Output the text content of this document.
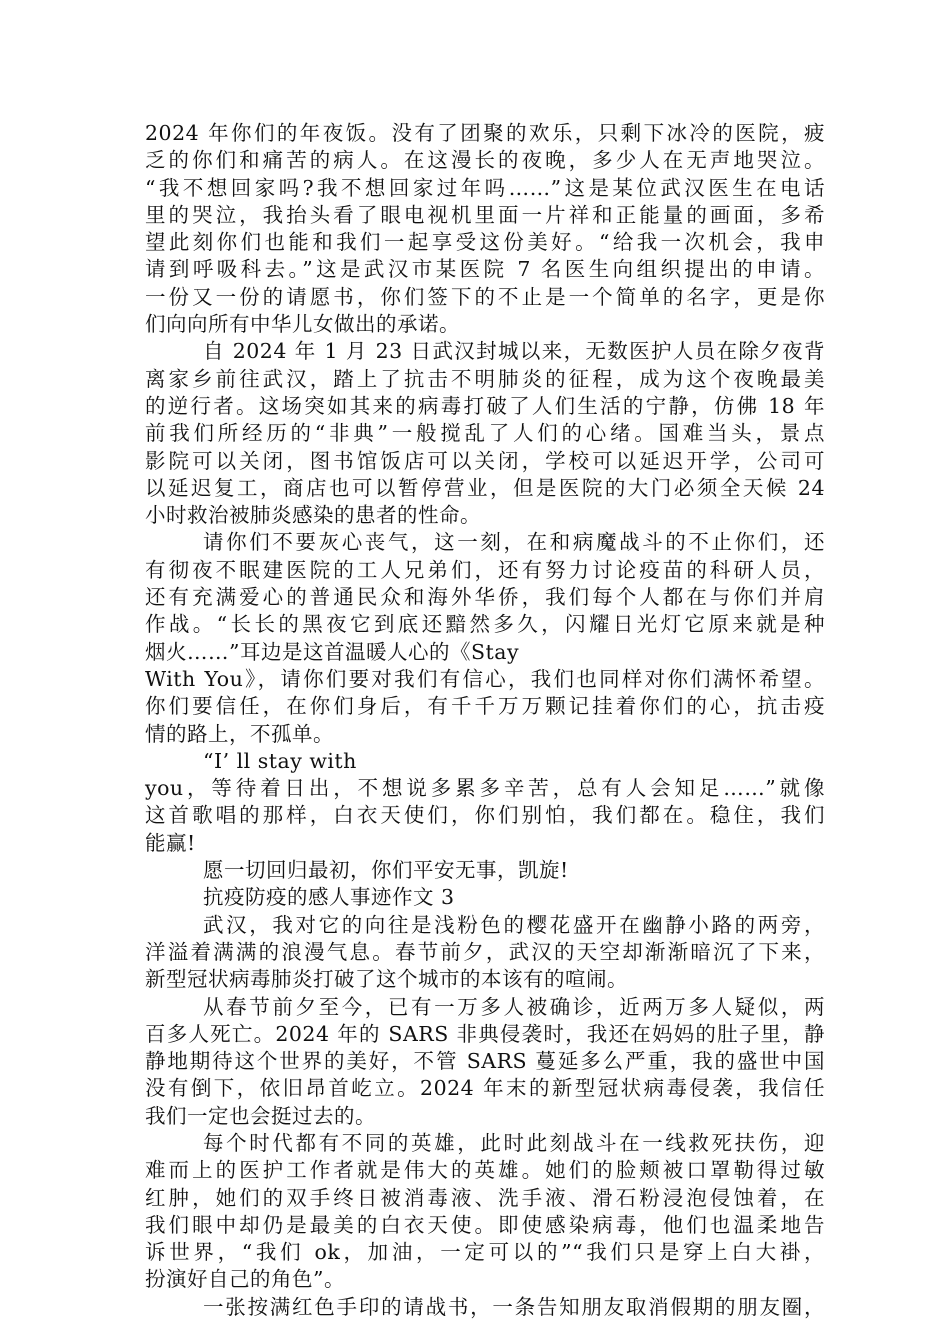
2024 年你们的年夜饭。没有了团聚的欢乐，只剩下冰冷的医院，疲
乏的你们和痛苦的病人。在这漫长的夜晚，多少人在无声地哭泣。
“我不想回家吗?我不想回家过年吗……”这是某位武汉医生在电话
里的哭泣，我抬头看了眼电视机里面一片祥和正能量的画面，多希
望此刻你们也能和我们一起享受这份美好。“给我一次机会，我申
请到呼吸科去。”这是武汉市某医院 7 名医生向组织提出的申请。
一份又一份的请愿书，你们签下的不止是一个简单的名字，更是你
们向向所有中华儿女做出的承诺。
自 2024 年 1 月 23 日武汉封城以来，无数医护人员在除夕夜背
离家乡前往武汉，踏上了抗击不明肺炎的征程，成为这个夜晚最美
的逆行者。这场突如其来的病毒打破了人们生活的宁静，仿佛 18 年
前我们所经历的“非典”一般搅乱了人们的心绪。国难当头，景点
影院可以关闭，图书馆饭店可以关闭，学校可以延迟开学，公司可
以延迟复工，商店也可以暂停营业，但是医院的大门必须全天候 24
小时救治被肺炎感染的患者的性命。
请你们不要灰心丧气，这一刻，在和病魔战斗的不止你们，还
有彻夜不眠建医院的工人兄弟们，还有努力讨论疫苗的科研人员，
还有充满爱心的普通民众和海外华侨，我们每个人都在与你们并肩
作战。“长长的黑夜它到底还黯然多久，闪耀日光灯它原来就是种
烟火……”耳边是这首温暖人心的《Stay
With You》，请你们要对我们有信心，我们也同样对你们满怀希望。
你们要信任，在你们身后，有千千万万颗记挂着你们的心，抗击疫
情的路上，不孤单。
“I’ ll stay with
you，等待着日出，不想说多累多辛苦，总有人会知足……”就像
这首歌唱的那样，白衣天使们，你们别怕，我们都在。稳住，我们
能赢!
愿一切回归最初，你们平安无事，凯旋!
抗疫防疫的感人事迹作文 3
武汉，我对它的向往是浅粉色的樱花盛开在幽静小路的两旁，
洋溢着满满的浪漫气息。春节前夕，武汉的天空却渐渐暗沉了下来，
新型冠状病毒肺炎打破了这个城市的本该有的喧闹。
从春节前夕至今，已有一万多人被确诊，近两万多人疑似，两
百多人死亡。2024 年的 SARS 非典侵袭时，我还在妈妈的肚子里，静
静地期待这个世界的美好，不管 SARS 蔓延多么严重，我的盛世中国
没有倒下，依旧昂首屹立。2024 年末的新型冠状病毒侵袭，我信任
我们一定也会挺过去的。
每个时代都有不同的英雄，此时此刻战斗在一线救死扶伤，迎
难而上的医护工作者就是伟大的英雄。她们的脸颊被口罩勒得过敏
红肿，她们的双手终日被消毒液、洗手液、滑石粉浸泡侵蚀着，在
我们眼中却仍是最美的白衣天使。即使感染病毒，他们也温柔地告
诉世界，“我们 ok，加油，一定可以的”“我们只是穿上白大褂，
扮演好自己的角色”。
一张按满红色手印的请战书，一条告知朋友取消假期的朋友圈，
